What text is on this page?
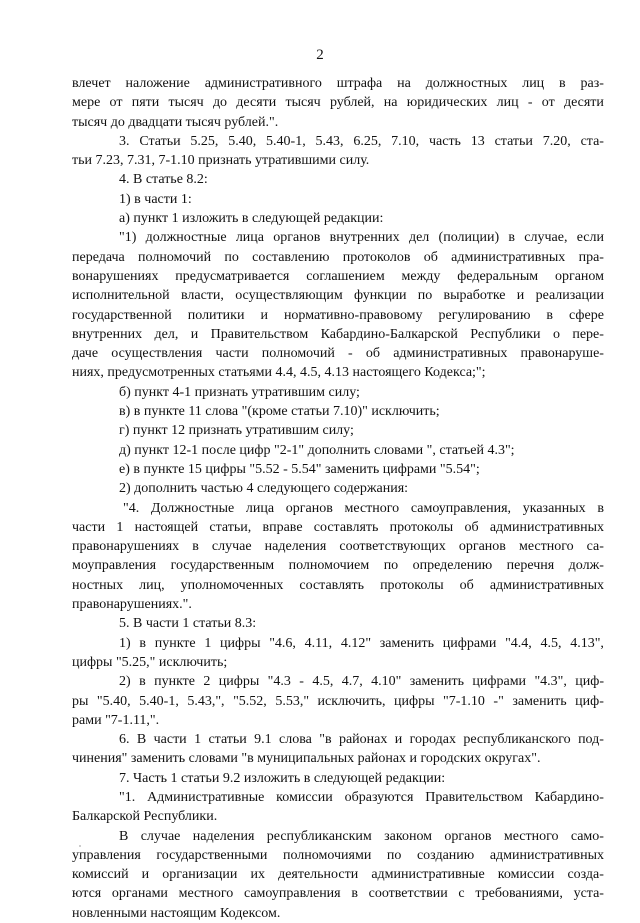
2
влечет наложение административного штрафа на должностных лиц в раз-
мере от пяти тысяч до десяти тысяч рублей, на юридических лиц - от десяти
тысяч до двадцати тысяч рублей.".
3. Статьи 5.25, 5.40, 5.40-1, 5.43, 6.25, 7.10, часть 13 статьи 7.20, ста-
тьи 7.23, 7.31, 7-1.10 признать утратившими силу.
4. В статье 8.2:
1) в части 1:
а) пункт 1 изложить в следующей редакции:
"1) должностные лица органов внутренних дел (полиции) в случае, если
передача полномочий по составлению протоколов об административных пра-
вонарушениях предусматривается соглашением между федеральным органом
исполнительной власти, осуществляющим функции по выработке и реализации
государственной политики и нормативно-правовому регулированию в сфере
внутренних дел, и Правительством Кабардино-Балкарской Республики о пере-
даче осуществления части полномочий - об административных правонаруше-
ниях, предусмотренных статьями 4.4, 4.5, 4.13 настоящего Кодекса;";
б) пункт 4-1 признать утратившим силу;
в) в пункте 11 слова "(кроме статьи 7.10)" исключить;
г) пункт 12 признать утратившим силу;
д) пункт 12-1 после цифр "2-1" дополнить словами ", статьей 4.3";
е) в пункте 15 цифры "5.52 - 5.54" заменить цифрами "5.54";
2) дополнить частью 4 следующего содержания:
"4. Должностные лица органов местного самоуправления, указанных в
части 1 настоящей статьи, вправе составлять протоколы об административных
правонарушениях в случае наделения соответствующих органов местного са-
моуправления государственным полномочием по определению перечня долж-
ностных лиц, уполномоченных составлять протоколы об административных
правонарушениях.".
5. В части 1 статьи 8.3:
1) в пункте 1 цифры "4.6, 4.11, 4.12" заменить цифрами "4.4, 4.5, 4.13",
цифры "5.25," исключить;
2) в пункте 2 цифры "4.3 - 4.5, 4.7, 4.10" заменить цифрами "4.3", циф-
ры "5.40, 5.40-1, 5.43,", "5.52, 5.53," исключить, цифры "7-1.10 -" заменить циф-
рами "7-1.11,".
6. В части 1 статьи 9.1 слова "в районах и городах республиканского под-
чинения" заменить словами "в муниципальных районах и городских округах".
7. Часть 1 статьи 9.2 изложить в следующей редакции:
"1. Административные комиссии образуются Правительством Кабардино-
Балкарской Республики.
В случае наделения республиканским законом органов местного само-
управления государственными полномочиями по созданию административных
комиссий и организации их деятельности административные комиссии созда-
ются органами местного самоуправления в соответствии с требованиями, уста-
новленными настоящим Кодексом.
